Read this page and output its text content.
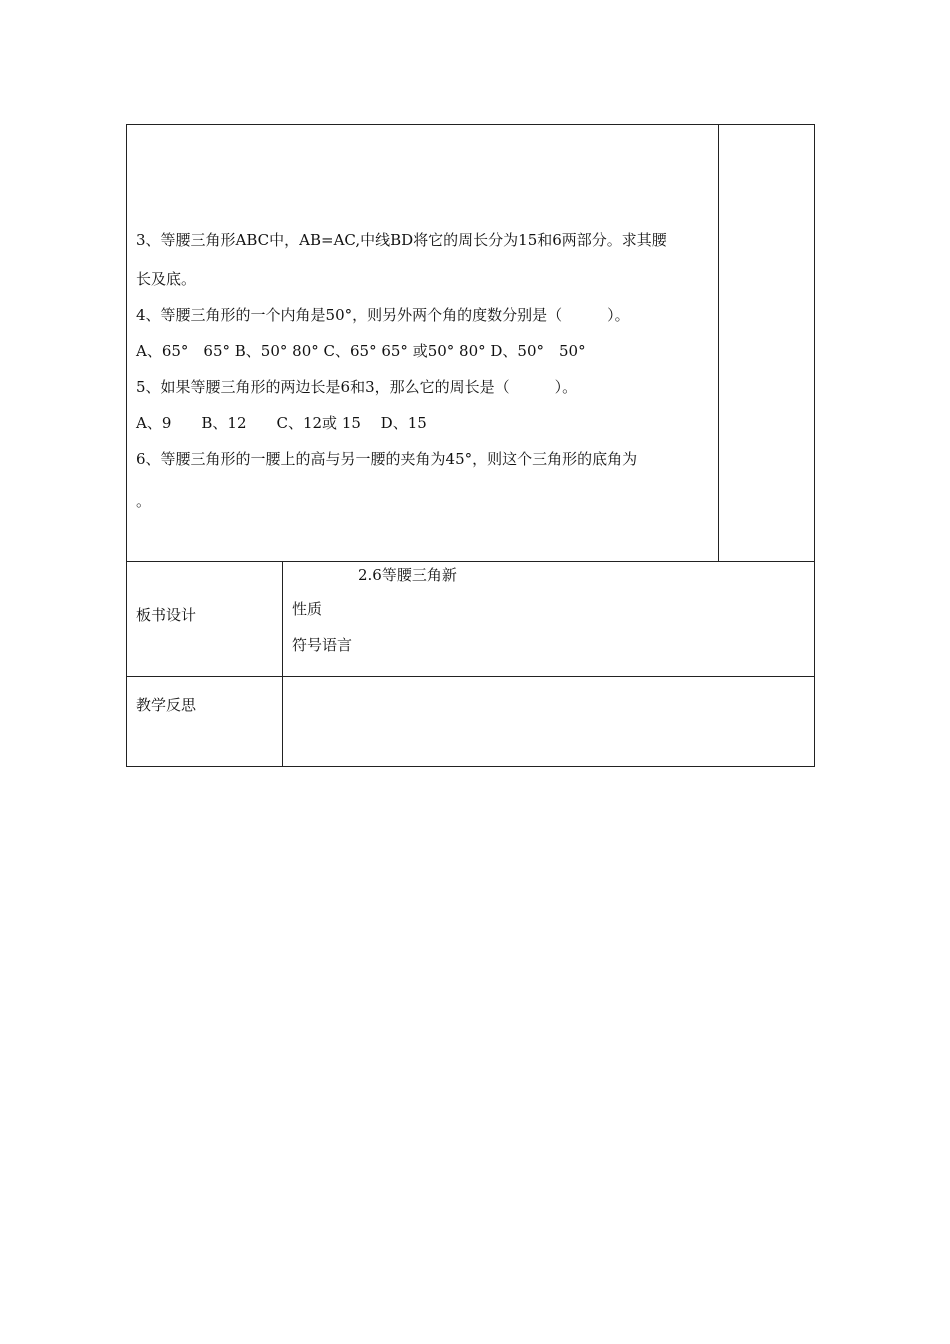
3、等腰三角形ABC中，AB=AC,中线BD将它的周长分为15和6两部分。求其腰
长及底。
4、等腰三角形的一个内角是50°，则另外两个角的度数分别是（　　　）。
A、65°　65° B、50° 80° C、65° 65° 或50° 80° D、50°　50°
5、如果等腰三角形的两边长是6和3，那么它的周长是（　　　）。
A、9　　B、12　　C、12或 15　 D、15
6、等腰三角形的一腰上的高与另一腰的夹角为45°，则这个三角形的底角为
。
板书设计
2.6等腰三角新
性质
符号语言
教学反思
